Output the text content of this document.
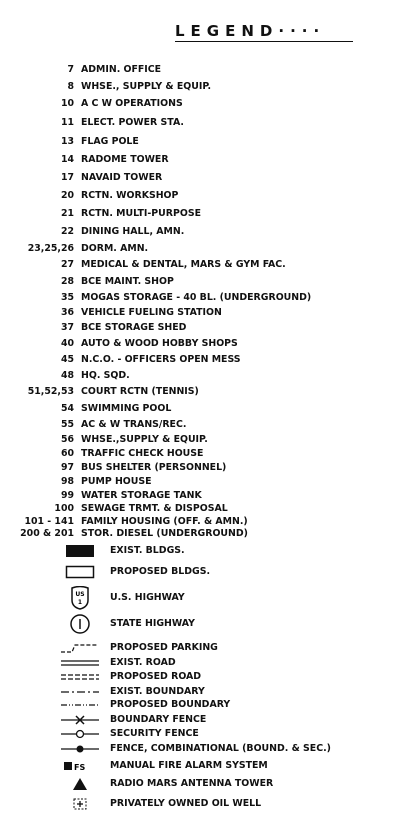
LEGEND····
7 ADMIN. OFFICE
8 WHSE., SUPPLY & EQUIP.
10 A C W OPERATIONS
11 ELECT. POWER STA.
13 FLAG POLE
14 RADOME TOWER
17 NAVAID TOWER
20 RCTN. WORKSHOP
21 RCTN. MULTI-PURPOSE
22 DINING HALL, AMN.
23,25,26 DORM. AMN.
27 MEDICAL & DENTAL, MARS & GYM FAC.
28 BCE MAINT. SHOP
35 MOGAS STORAGE - 40 BL. (UNDERGROUND)
36 VEHICLE FUELING STATION
37 BCE STORAGE SHED
40 AUTO & WOOD HOBBY SHOPS
45 N.C.O. - OFFICERS OPEN MESS
48 HQ. SQD.
51,52,53 COURT RCTN (TENNIS)
54 SWIMMING POOL
55 AC & W TRANS/REC.
56 WHSE.,SUPPLY & EQUIP.
60 TRAFFIC CHECK HOUSE
97 BUS SHELTER (PERSONNEL)
98 PUMP HOUSE
99 WATER STORAGE TANK
100 SEWAGE TRMT. & DISPOSAL
101 - 141 FAMILY HOUSING (OFF. & AMN.)
200 & 201 STOR. DIESEL (UNDERGROUND)
EXIST. BLDGS.
PROPOSED BLDGS.
US
1	U.S. HIGHWAY
STATE HIGHWAY
PROPOSED PARKING
EXIST. ROAD
PROPOSED ROAD
EXIST. BOUNDARY
PROPOSED BOUNDARY
BOUNDARY FENCE
SECURITY FENCE
FENCE, COMBINATIONAL (BOUND. & SEC.)
FS	MANUAL FIRE ALARM SYSTEM
RADIO MARS ANTENNA TOWER
PRIVATELY OWNED OIL WELL
